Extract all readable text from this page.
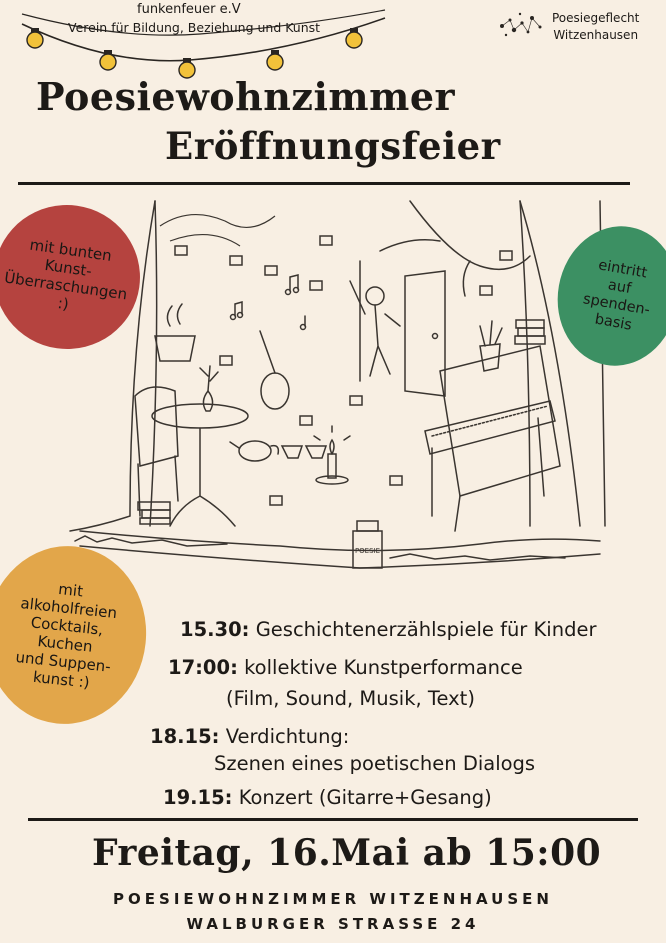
funkenfeuer e.V
Verein für Bildung, Beziehung und Kunst
Poesiegeflecht
Witzenhausen
Poesiewohnzimmer
Eröffnungsfeier
POESIE
mit bunten
Kunst-
Überraschungen
:)
eintritt
auf
spenden-
basis
mit
alkoholfreien
Cocktails,
Kuchen
und Suppen-
kunst :)
15.30: Geschichtenerzählspiele für Kinder
17:00: kollektive Kunstperformance
(Film, Sound, Musik, Text)
18.15: Verdichtung:
Szenen eines poetischen Dialogs
19.15: Konzert (Gitarre+Gesang)
Freitag, 16.Mai ab 15:00
POESIEWOHNZIMMER WITZENHAUSEN
WALBURGER STRASSE 24
